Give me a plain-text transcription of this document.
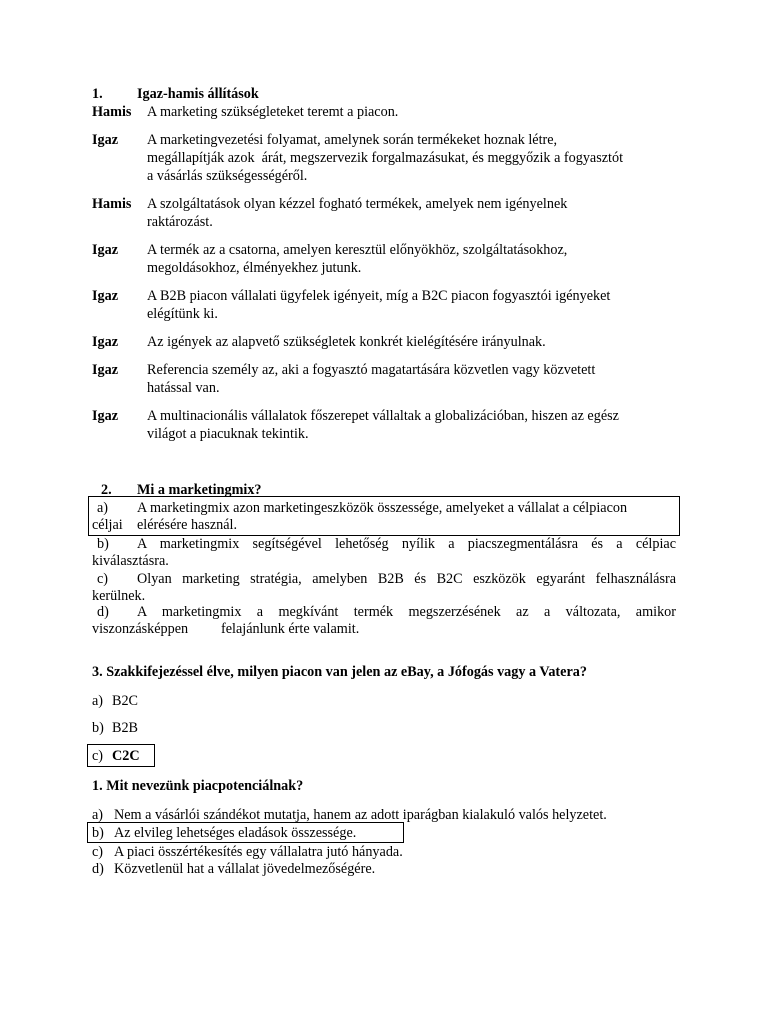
1. Igaz-hamis állítások
Hamis A marketing szükségleteket teremt a piacon.
Igaz A marketingvezetési folyamat, amelynek során termékeket hoznak létre,
megállapítják azok  árát, megszervezik forgalmazásukat, és meggyőzik a fogyasztót
a vásárlás szükségességéről.
Hamis A szolgáltatások olyan kézzel fogható termékek, amelyek nem igényelnek
raktározást.
Igaz A termék az a csatorna, amelyen keresztül előnyökhöz, szolgáltatásokhoz,
megoldásokhoz, élményekhez jutunk.
Igaz A B2B piacon vállalati ügyfelek igényeit, míg a B2C piacon fogyasztói igényeket
elégítünk ki.
Igaz Az igények az alapvető szükségletek konkrét kielégítésére irányulnak.
Igaz Referencia személy az, aki a fogyasztó magatartására közvetlen vagy közvetett
hatással van.
Igaz A multinacionális vállalatok főszerepet vállaltak a globalizációban, hiszen az egész
világot a piacuknak tekintik.
2. Mi a marketingmix?
a) A marketingmix azon marketingeszközök összessége, amelyeket a vállalat a célpiacon
céljai elérésére használ.
b) A marketingmix segítségével lehetőség nyílik a piacszegmentálásra és a célpiac
kiválasztásra.
c) Olyan marketing stratégia, amelyben B2B és B2C eszközök egyaránt felhasználásra
kerülnek.
d) A marketingmix a megkívánt termék megszerzésének az a változata, amikor
viszonzásképpen felajánlunk érte valamit.
3. Szakkifejezéssel élve, milyen piacon van jelen az eBay, a Jófogás vagy a Vatera?
a) B2C
b) B2B
c) C2C
1. Mit nevezünk piacpotenciálnak?
a) Nem a vásárlói szándékot mutatja, hanem az adott iparágban kialakuló valós helyzetet.
b) Az elvileg lehetséges eladások összessége.
c) A piaci összértékesítés egy vállalatra jutó hányada.
d) Közvetlenül hat a vállalat jövedelmezőségére.
